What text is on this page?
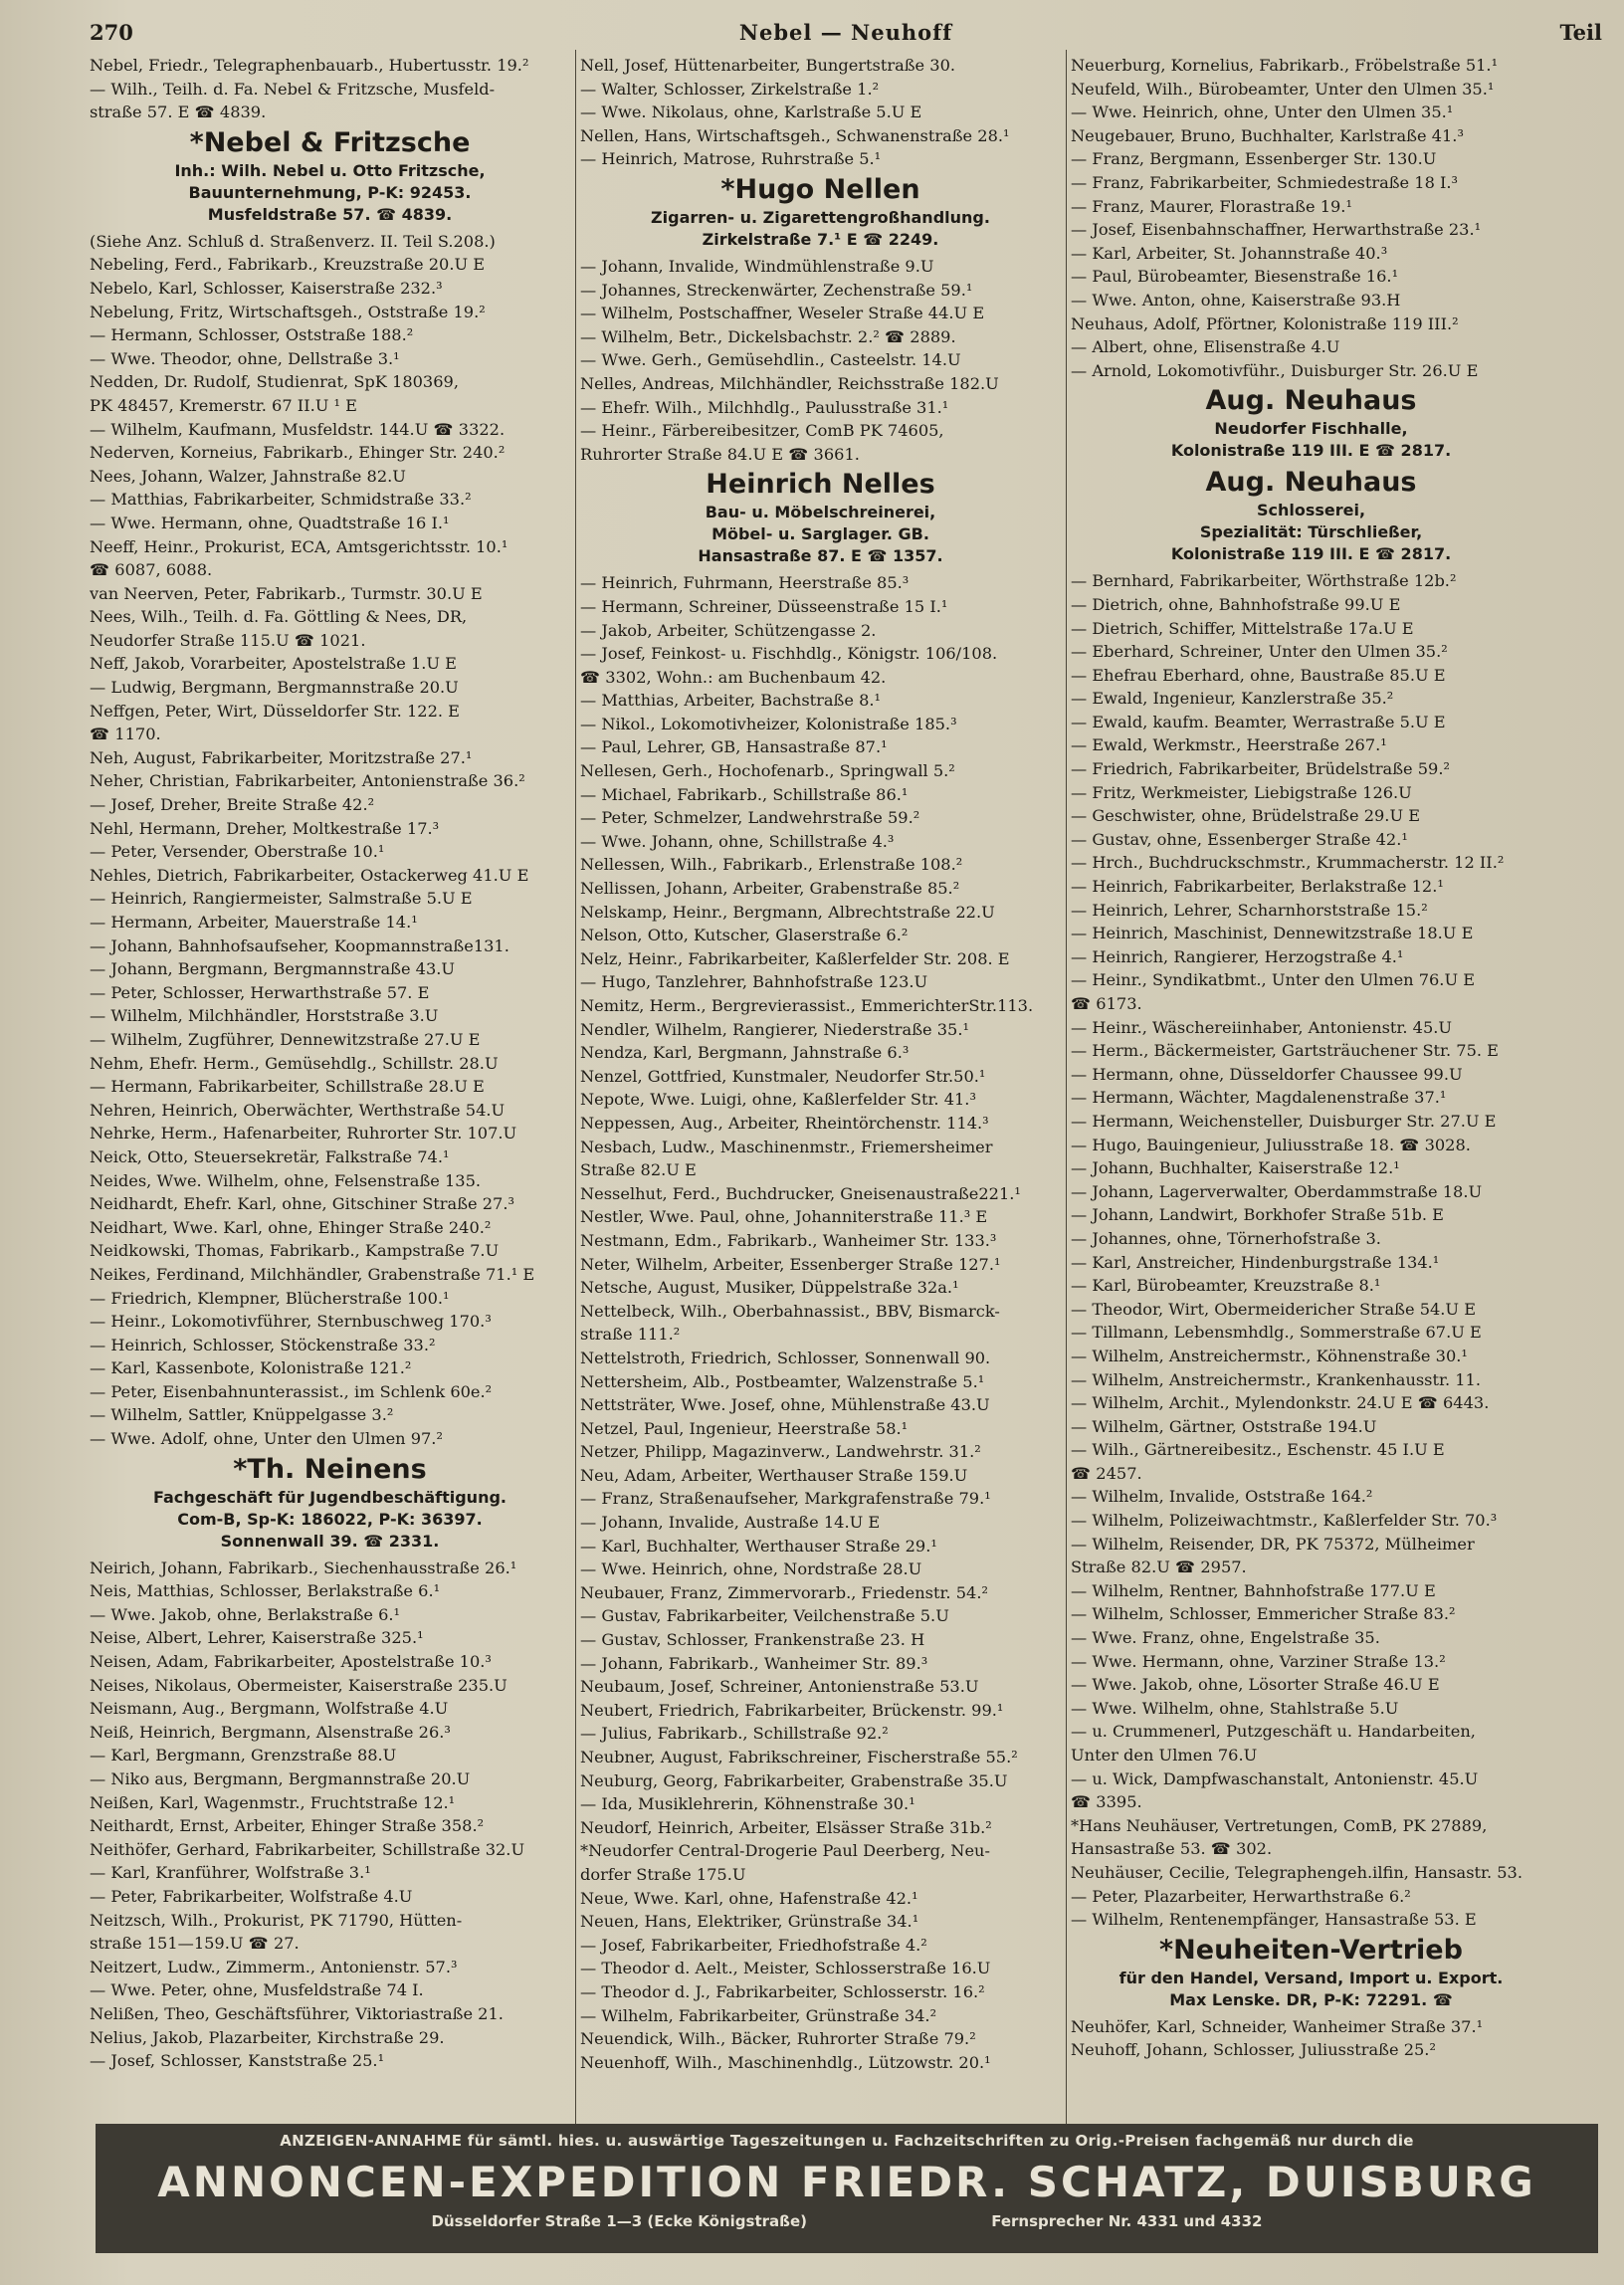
270	Nebel — Neuhoff	Teil
Nebel, Friedr., Telegraphenbauarb., Hubertusstr. 19.²
— Wilh., Teilh. d. Fa. Nebel & Fritzsche, Musfeld-
straße 57. E ☎ 4839.
*Nebel & Fritzsche
Inh.: Wilh. Nebel u. Otto Fritzsche,
Bauunternehmung, P-K: 92453.
Musfeldstraße 57. ☎ 4839.
(Siehe Anz. Schluß d. Straßenverz. II. Teil S.208.)
Nebeling, Ferd., Fabrikarb., Kreuzstraße 20.U E
Nebelo, Karl, Schlosser, Kaiserstraße 232.³
Nebelung, Fritz, Wirtschaftsgeh., Oststraße 19.²
— Hermann, Schlosser, Oststraße 188.²
— Wwe. Theodor, ohne, Dellstraße 3.¹
Nedden, Dr. Rudolf, Studienrat, SpK 180369,
PK 48457, Kremerstr. 67 II.U ¹ E
— Wilhelm, Kaufmann, Musfeldstr. 144.U ☎ 3322.
Nederven, Korneius, Fabrikarb., Ehinger Str. 240.²
Nees, Johann, Walzer, Jahnstraße 82.U
— Matthias, Fabrikarbeiter, Schmidstraße 33.²
— Wwe. Hermann, ohne, Quadtstraße 16 I.¹
Neeff, Heinr., Prokurist, ECA, Amtsgerichtsstr. 10.¹
☎ 6087, 6088.
van Neerven, Peter, Fabrikarb., Turmstr. 30.U E
Nees, Wilh., Teilh. d. Fa. Göttling & Nees, DR,
Neudorfer Straße 115.U ☎ 1021.
Neff, Jakob, Vorarbeiter, Apostelstraße 1.U E
— Ludwig, Bergmann, Bergmannstraße 20.U
Neffgen, Peter, Wirt, Düsseldorfer Str. 122. E
☎ 1170.
Neh, August, Fabrikarbeiter, Moritzstraße 27.¹
Neher, Christian, Fabrikarbeiter, Antonienstraße 36.²
— Josef, Dreher, Breite Straße 42.²
Nehl, Hermann, Dreher, Moltkestraße 17.³
— Peter, Versender, Oberstraße 10.¹
Nehles, Dietrich, Fabrikarbeiter, Ostackerweg 41.U E
— Heinrich, Rangiermeister, Salmstraße 5.U E
— Hermann, Arbeiter, Mauerstraße 14.¹
— Johann, Bahnhofsaufseher, Koopmannstraße131.
— Johann, Bergmann, Bergmannstraße 43.U
— Peter, Schlosser, Herwarthstraße 57. E
— Wilhelm, Milchhändler, Horststraße 3.U
— Wilhelm, Zugführer, Dennewitzstraße 27.U E
Nehm, Ehefr. Herm., Gemüsehdlg., Schillstr. 28.U
— Hermann, Fabrikarbeiter, Schillstraße 28.U E
Nehren, Heinrich, Oberwächter, Werthstraße 54.U
Nehrke, Herm., Hafenarbeiter, Ruhrorter Str. 107.U
Neick, Otto, Steuersekretär, Falkstraße 74.¹
Neides, Wwe. Wilhelm, ohne, Felsenstraße 135.
Neidhardt, Ehefr. Karl, ohne, Gitschiner Straße 27.³
Neidhart, Wwe. Karl, ohne, Ehinger Straße 240.²
Neidkowski, Thomas, Fabrikarb., Kampstraße 7.U
Neikes, Ferdinand, Milchhändler, Grabenstraße 71.¹ E
— Friedrich, Klempner, Blücherstraße 100.¹
— Heinr., Lokomotivführer, Sternbuschweg 170.³
— Heinrich, Schlosser, Stöckenstraße 33.²
— Karl, Kassenbote, Kolonistraße 121.²
— Peter, Eisenbahnunterassist., im Schlenk 60e.²
— Wilhelm, Sattler, Knüppelgasse 3.²
— Wwe. Adolf, ohne, Unter den Ulmen 97.²
*Th. Neinens
Fachgeschäft für Jugendbeschäftigung.
Com-B, Sp-K: 186022, P-K: 36397.
Sonnenwall 39. ☎ 2331.
Neirich, Johann, Fabrikarb., Siechenhausstraße 26.¹
Neis, Matthias, Schlosser, Berlakstraße 6.¹
— Wwe. Jakob, ohne, Berlakstraße 6.¹
Neise, Albert, Lehrer, Kaiserstraße 325.¹
Neisen, Adam, Fabrikarbeiter, Apostelstraße 10.³
Neises, Nikolaus, Obermeister, Kaiserstraße 235.U
Neismann, Aug., Bergmann, Wolfstraße 4.U
Neiß, Heinrich, Bergmann, Alsenstraße 26.³
— Karl, Bergmann, Grenzstraße 88.U
— Niko aus, Bergmann, Bergmannstraße 20.U
Neißen, Karl, Wagenmstr., Fruchtstraße 12.¹
Neithardt, Ernst, Arbeiter, Ehinger Straße 358.²
Neithöfer, Gerhard, Fabrikarbeiter, Schillstraße 32.U
— Karl, Kranführer, Wolfstraße 3.¹
— Peter, Fabrikarbeiter, Wolfstraße 4.U
Neitzsch, Wilh., Prokurist, PK 71790, Hütten-
straße 151—159.U ☎ 27.
Neitzert, Ludw., Zimmerm., Antonienstr. 57.³
— Wwe. Peter, ohne, Musfeldstraße 74 I.
Nelißen, Theo, Geschäftsführer, Viktoriastraße 21.
Nelius, Jakob, Plazarbeiter, Kirchstraße 29.
— Josef, Schlosser, Kanststraße 25.¹
Nell, Josef, Hüttenarbeiter, Bungertstraße 30.
— Walter, Schlosser, Zirkelstraße 1.²
— Wwe. Nikolaus, ohne, Karlstraße 5.U E
Nellen, Hans, Wirtschaftsgeh., Schwanenstraße 28.¹
— Heinrich, Matrose, Ruhrstraße 5.¹
*Hugo Nellen
Zigarren- u. Zigarettengroßhandlung.
Zirkelstraße 7.¹ E ☎ 2249.
— Johann, Invalide, Windmühlenstraße 9.U
— Johannes, Streckenwärter, Zechenstraße 59.¹
— Wilhelm, Postschaffner, Weseler Straße 44.U E
— Wilhelm, Betr., Dickelsbachstr. 2.² ☎ 2889.
— Wwe. Gerh., Gemüsehdlin., Casteelstr. 14.U
Nelles, Andreas, Milchhändler, Reichsstraße 182.U
— Ehefr. Wilh., Milchhdlg., Paulusstraße 31.¹
— Heinr., Färbereibesitzer, ComB PK 74605,
Ruhrorter Straße 84.U E ☎ 3661.
Heinrich Nelles
Bau- u. Möbelschreinerei,
Möbel- u. Sarglager. GB.
Hansastraße 87. E ☎ 1357.
— Heinrich, Fuhrmann, Heerstraße 85.³
— Hermann, Schreiner, Düsseenstraße 15 I.¹
— Jakob, Arbeiter, Schützengasse 2.
— Josef, Feinkost- u. Fischhdlg., Königstr. 106/108.
☎ 3302, Wohn.: am Buchenbaum 42.
— Matthias, Arbeiter, Bachstraße 8.¹
— Nikol., Lokomotivheizer, Kolonistraße 185.³
— Paul, Lehrer, GB, Hansastraße 87.¹
Nellesen, Gerh., Hochofenarb., Springwall 5.²
— Michael, Fabrikarb., Schillstraße 86.¹
— Peter, Schmelzer, Landwehrstraße 59.²
— Wwe. Johann, ohne, Schillstraße 4.³
Nellessen, Wilh., Fabrikarb., Erlenstraße 108.²
Nellissen, Johann, Arbeiter, Grabenstraße 85.²
Nelskamp, Heinr., Bergmann, Albrechtstraße 22.U
Nelson, Otto, Kutscher, Glaserstraße 6.²
Nelz, Heinr., Fabrikarbeiter, Kaßlerfelder Str. 208. E
— Hugo, Tanzlehrer, Bahnhofstraße 123.U
Nemitz, Herm., Bergrevierassist., EmmerichterStr.113.
Nendler, Wilhelm, Rangierer, Niederstraße 35.¹
Nendza, Karl, Bergmann, Jahnstraße 6.³
Nenzel, Gottfried, Kunstmaler, Neudorfer Str.50.¹
Nepote, Wwe. Luigi, ohne, Kaßlerfelder Str. 41.³
Neppessen, Aug., Arbeiter, Rheintörchenstr. 114.³
Nesbach, Ludw., Maschinenmstr., Friemersheimer
Straße 82.U E
Nesselhut, Ferd., Buchdrucker, Gneisenaustraße221.¹
Nestler, Wwe. Paul, ohne, Johanniterstraße 11.³ E
Nestmann, Edm., Fabrikarb., Wanheimer Str. 133.³
Neter, Wilhelm, Arbeiter, Essenberger Straße 127.¹
Netsche, August, Musiker, Düppelstraße 32a.¹
Nettelbeck, Wilh., Oberbahnassist., BBV, Bismarck-
straße 111.²
Nettelstroth, Friedrich, Schlosser, Sonnenwall 90.
Nettersheim, Alb., Postbeamter, Walzenstraße 5.¹
Nettsträter, Wwe. Josef, ohne, Mühlenstraße 43.U
Netzel, Paul, Ingenieur, Heerstraße 58.¹
Netzer, Philipp, Magazinverw., Landwehrstr. 31.²
Neu, Adam, Arbeiter, Werthauser Straße 159.U
— Franz, Straßenaufseher, Markgrafenstraße 79.¹
— Johann, Invalide, Austraße 14.U E
— Karl, Buchhalter, Werthauser Straße 29.¹
— Wwe. Heinrich, ohne, Nordstraße 28.U
Neubauer, Franz, Zimmervorarb., Friedenstr. 54.²
— Gustav, Fabrikarbeiter, Veilchenstraße 5.U
— Gustav, Schlosser, Frankenstraße 23. H
— Johann, Fabrikarb., Wanheimer Str. 89.³
Neubaum, Josef, Schreiner, Antonienstraße 53.U
Neubert, Friedrich, Fabrikarbeiter, Brückenstr. 99.¹
— Julius, Fabrikarb., Schillstraße 92.²
Neubner, August, Fabrikschreiner, Fischerstraße 55.²
Neuburg, Georg, Fabrikarbeiter, Grabenstraße 35.U
— Ida, Musiklehrerin, Köhnenstraße 30.¹
Neudorf, Heinrich, Arbeiter, Elsässer Straße 31b.²
*Neudorfer Central-Drogerie Paul Deerberg, Neu-
dorfer Straße 175.U
Neue, Wwe. Karl, ohne, Hafenstraße 42.¹
Neuen, Hans, Elektriker, Grünstraße 34.¹
— Josef, Fabrikarbeiter, Friedhofstraße 4.²
— Theodor d. Aelt., Meister, Schlosserstraße 16.U
— Theodor d. J., Fabrikarbeiter, Schlosserstr. 16.²
— Wilhelm, Fabrikarbeiter, Grünstraße 34.²
Neuendick, Wilh., Bäcker, Ruhrorter Straße 79.²
Neuenhoff, Wilh., Maschinenhdlg., Lützowstr. 20.¹
Neuerburg, Kornelius, Fabrikarb., Fröbelstraße 51.¹
Neufeld, Wilh., Bürobeamter, Unter den Ulmen 35.¹
— Wwe. Heinrich, ohne, Unter den Ulmen 35.¹
Neugebauer, Bruno, Buchhalter, Karlstraße 41.³
— Franz, Bergmann, Essenberger Str. 130.U
— Franz, Fabrikarbeiter, Schmiedestraße 18 I.³
— Franz, Maurer, Florastraße 19.¹
— Josef, Eisenbahnschaffner, Herwarthstraße 23.¹
— Karl, Arbeiter, St. Johannstraße 40.³
— Paul, Bürobeamter, Biesenstraße 16.¹
— Wwe. Anton, ohne, Kaiserstraße 93.H
Neuhaus, Adolf, Pförtner, Kolonistraße 119 III.²
— Albert, ohne, Elisenstraße 4.U
— Arnold, Lokomotivführ., Duisburger Str. 26.U E
Aug. Neuhaus
Neudorfer Fischhalle,
Kolonistraße 119 III. E ☎ 2817.
Aug. Neuhaus
Schlosserei,
Spezialität: Türschließer,
Kolonistraße 119 III. E ☎ 2817.
— Bernhard, Fabrikarbeiter, Wörthstraße 12b.²
— Dietrich, ohne, Bahnhofstraße 99.U E
— Dietrich, Schiffer, Mittelstraße 17a.U E
— Eberhard, Schreiner, Unter den Ulmen 35.²
— Ehefrau Eberhard, ohne, Baustraße 85.U E
— Ewald, Ingenieur, Kanzlerstraße 35.²
— Ewald, kaufm. Beamter, Werrastraße 5.U E
— Ewald, Werkmstr., Heerstraße 267.¹
— Friedrich, Fabrikarbeiter, Brüdelstraße 59.²
— Fritz, Werkmeister, Liebigstraße 126.U
— Geschwister, ohne, Brüdelstraße 29.U E
— Gustav, ohne, Essenberger Straße 42.¹
— Hrch., Buchdruckschmstr., Krummacherstr. 12 II.²
— Heinrich, Fabrikarbeiter, Berlakstraße 12.¹
— Heinrich, Lehrer, Scharnhorststraße 15.²
— Heinrich, Maschinist, Dennewitzstraße 18.U E
— Heinrich, Rangierer, Herzogstraße 4.¹
— Heinr., Syndikatbmt., Unter den Ulmen 76.U E
☎ 6173.
— Heinr., Wäschereiinhaber, Antonienstr. 45.U
— Herm., Bäckermeister, Gartsträuchener Str. 75. E
— Hermann, ohne, Düsseldorfer Chaussee 99.U
— Hermann, Wächter, Magdalenenstraße 37.¹
— Hermann, Weichensteller, Duisburger Str. 27.U E
— Hugo, Bauingenieur, Juliusstraße 18. ☎ 3028.
— Johann, Buchhalter, Kaiserstraße 12.¹
— Johann, Lagerverwalter, Oberdammstraße 18.U
— Johann, Landwirt, Borkhofer Straße 51b. E
— Johannes, ohne, Törnerhofstraße 3.
— Karl, Anstreicher, Hindenburgstraße 134.¹
— Karl, Bürobeamter, Kreuzstraße 8.¹
— Theodor, Wirt, Obermeidericher Straße 54.U E
— Tillmann, Lebensmhdlg., Sommerstraße 67.U E
— Wilhelm, Anstreichermstr., Köhnenstraße 30.¹
— Wilhelm, Anstreichermstr., Krankenhausstr. 11.
— Wilhelm, Archit., Mylendonkstr. 24.U E ☎ 6443.
— Wilhelm, Gärtner, Oststraße 194.U
— Wilh., Gärtnereibesitz., Eschenstr. 45 I.U E
☎ 2457.
— Wilhelm, Invalide, Oststraße 164.²
— Wilhelm, Polizeiwachtmstr., Kaßlerfelder Str. 70.³
— Wilhelm, Reisender, DR, PK 75372, Mülheimer
Straße 82.U ☎ 2957.
— Wilhelm, Rentner, Bahnhofstraße 177.U E
— Wilhelm, Schlosser, Emmericher Straße 83.²
— Wwe. Franz, ohne, Engelstraße 35.
— Wwe. Hermann, ohne, Varziner Straße 13.²
— Wwe. Jakob, ohne, Lösorter Straße 46.U E
— Wwe. Wilhelm, ohne, Stahlstraße 5.U
— u. Crummenerl, Putzgeschäft u. Handarbeiten,
Unter den Ulmen 76.U
— u. Wick, Dampfwaschanstalt, Antonienstr. 45.U
☎ 3395.
*Hans Neuhäuser, Vertretungen, ComB, PK 27889,
Hansastraße 53. ☎ 302.
Neuhäuser, Cecilie, Telegraphengeh.ilfin, Hansastr. 53.
— Peter, Plazarbeiter, Herwarthstraße 6.²
— Wilhelm, Rentenempfänger, Hansastraße 53. E
*Neuheiten-Vertrieb
für den Handel, Versand, Import u. Export.
Max Lenske. DR, P-K: 72291. ☎
Neuhöfer, Karl, Schneider, Wanheimer Straße 37.¹
Neuhoff, Johann, Schlosser, Juliusstraße 25.²
ANZEIGEN-ANNAHME für sämtl. hies. u. auswärtige Tageszeitungen u. Fachzeitschriften zu Orig.-Preisen fachgemäß nur durch die
ANNONCEN-EXPEDITION FRIEDR. SCHATZ, DUISBURG
Düsseldorfer Straße 1—3 (Ecke Königstraße)	Fernsprecher Nr. 4331 und 4332
